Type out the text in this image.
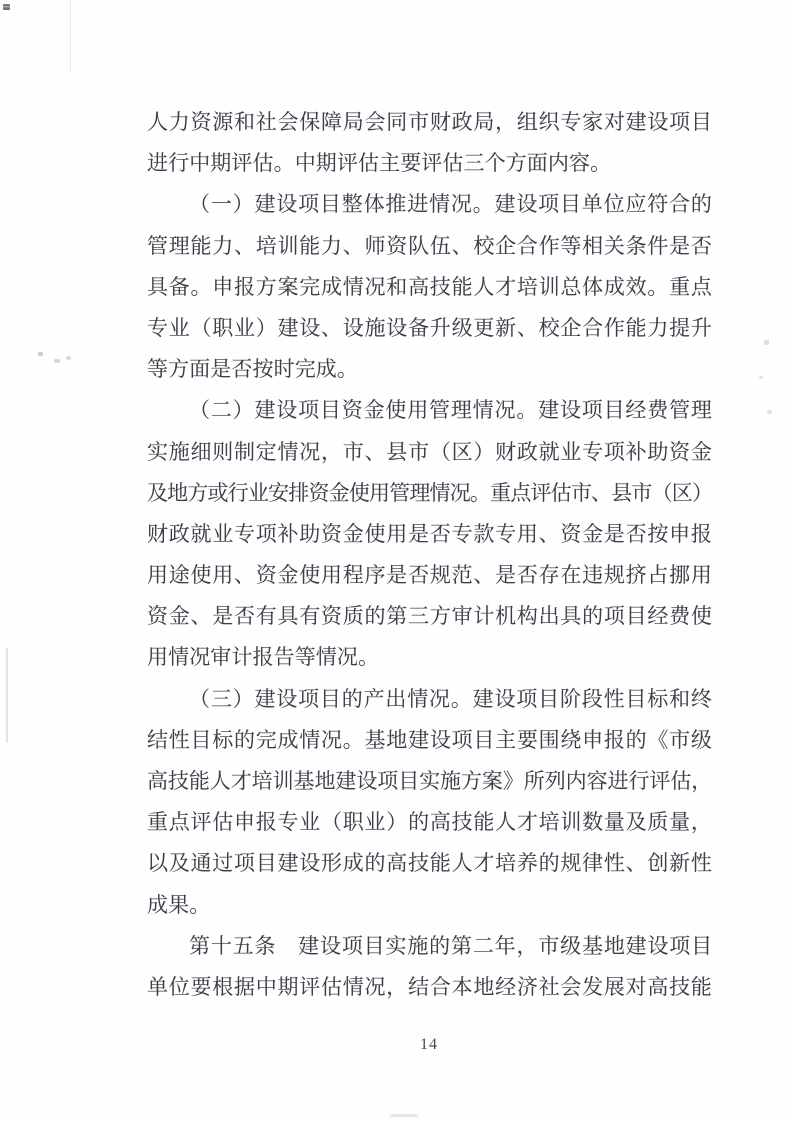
人力资源和社会保障局会同市财政局，组织专家对建设项目
进行中期评估。中期评估主要评估三个方面内容。
（一）建设项目整体推进情况。建设项目单位应符合的
管理能力、培训能力、师资队伍、校企合作等相关条件是否
具备。申报方案完成情况和高技能人才培训总体成效。重点
专业（职业）建设、设施设备升级更新、校企合作能力提升
等方面是否按时完成。
（二）建设项目资金使用管理情况。建设项目经费管理
实施细则制定情况，市、县市（区）财政就业专项补助资金
及地方或行业安排资金使用管理情况。重点评估市、县市（区）
财政就业专项补助资金使用是否专款专用、资金是否按申报
用途使用、资金使用程序是否规范、是否存在违规挤占挪用
资金、是否有具有资质的第三方审计机构出具的项目经费使
用情况审计报告等情况。
（三）建设项目的产出情况。建设项目阶段性目标和终
结性目标的完成情况。基地建设项目主要围绕申报的《市级
高技能人才培训基地建设项目实施方案》所列内容进行评估，
重点评估申报专业（职业）的高技能人才培训数量及质量，
以及通过项目建设形成的高技能人才培养的规律性、创新性
成果。
第十五条　建设项目实施的第二年，市级基地建设项目
单位要根据中期评估情况，结合本地经济社会发展对高技能
14
